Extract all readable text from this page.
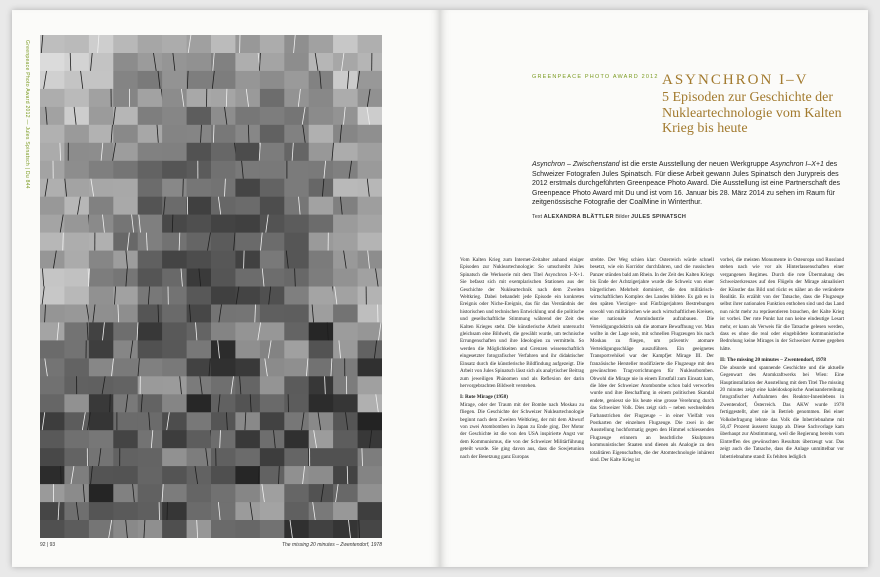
Greenpeace Photo Award 2012 — Jules Spinatsch | Du 844
92 | 93	The missing 20 minutes – Zwentendorf, 1978
GREENPEACE PHOTO AWARD 2012 ASYNCHRON I–V
5 Episoden zur Geschichte der Nukleartechnologie vom Kalten Krieg bis heute

Asynchron – Zwischenstand ist die erste Ausstellung der neuen Werkgruppe Asynchron I–X+1 des Schweizer Fotografen Jules Spinatsch. Für diese Arbeit gewann Jules Spinatsch den Jurypreis des 2012 erstmals durchgeführten Greenpeace Photo Award. Die Ausstellung ist eine Partnerschaft des Greenpeace Photo Award mit Du und ist vom 16. Januar bis 28. März 2014 zu sehen im Raum für zeitgenössische Fotografie der CoalMine in Winterthur.

Text ALEXANDRA BLÄTTLER Bilder JULES SPINATSCH

Vom Kalten Krieg zum Internet-Zeitalter anhand einiger Episoden zur Nukleartechnologie: So umschreibt Jules Spinatsch die Werkserie mit dem Titel Asynchron I–X+1. Sie befasst sich mit exemplarischen Stationen aus der Geschichte der Nukleartechnik nach dem Zweiten Weltkrieg. Dabei behandelt jede Episode ein konkretes Ereignis oder Niche-Ereignis, das für das Verständnis der historischen und technischen Entwicklung und die politische und gesellschaftliche Stimmung während der Zeit des Kalten Krieges steht. Die künstlerische Arbeit untersucht gleichsam eine Bildwelt, die gewählt wurde, um technische Errungenschaften und ihre Ideologien zu vermitteln. So werden die Möglichkeiten und Grenzen wissenschaftlich eingesetzter fotografischer Verfahren und ihr didaktischer Einsatz durch die künstlerische Bildfindung aufgezeigt. Die Arbeit von Jules Spinatsch lässt sich als analytischer Beitrag zum jeweiligen Phänomen und als Reflexion der darin hervorgebrachten Bildwelt verstehen.

I: Rote Mirage (1958)

Mirage, oder der Traum mit der Bombe nach Moskau zu fliegen. Die Geschichte der Schweizer Nukleartechnologie beginnt nach dem Zweiten Weltkrieg, der mit dem Abwurf von zwei Atombomben in Japan zu Ende ging. Der Motor der Geschichte ist die von den USA inspirierte Angst vor dem Kommunismus, die von der Schweizer Militärführung geteilt wurde. Sie ging davon aus, dass die Sowjetunion nach der Besetzung ganz Europas

strebte. Der Weg schien klar: Österreich würde schnell besetzt, wie ein Korridor durchfahren, und die russischen Panzer stünden bald am Rhein. In der Zeit des Kalten Kriegs bis Ende der Achtzigerjahre wurde die Schweiz von einer bürgerlichen Mehrheit dominiert, die den militärisch-wirtschaftlichen Komplex des Landes bildete. Es gab es in den späten Vierziger- und Fünfzigerjahren Bestrebungen sowohl von militärischen wie auch wirtschaftlichen Kreisen, eine nationale Atomindustrie aufzubauen. Die Verteidigungsdoktrin sah die atomare Bewaffnung vor. Man wollte in der Lage sein, mit schnellen Flugzeugen bis nach Moskau zu fliegen, um präventiv atomare Verteidigungsschläge auszuführen. Ein geeignetes Transportvehikel war der Kampfjet Mirage III. Der französische Hersteller modifizierte die Flugzeuge mit den gewünschten Tragvorrichtungen für Nuklearbomben. Obwohl die Mirage nie in einem Ernstfall zum Einsatz kam, die Idee der Schweizer Atombombe schon bald verworfen wurde und ihre Beschaffung in einem politischen Skandal endete, geniesst sie bis heute eine grosse Verehrung durch das Schweizer Volk. Dies zeigt sich – neben wechselnden Farbanstrichen der Flugzeuge – in einer Vielfalt von Postkarten der einzelnen Flugzeuge. Die zwei in der Ausstellung hochformatig gegen den Himmel schiessenden Flugzeuge erinnern an beachtliche Skulpturen kommunistischer Staaten und dienen als Analogie zu den totalitären Eigenschaften, die der Atomtechnologie inhärent sind. Der Kalte Krieg ist

vorbei, die meisten Monumente in Osteuropa und Russland stehen nach wie vor als Hinterlassenschaften einer vergangenen Regimes. Durch die rote Übermalung des Schweizerkreuzes auf den Flügeln der Mirage aktualisiert der Künstler das Bild und rückt es näher an die veränderte Realität. Es erzählt von der Tatsache, dass die Flugzeuge selbst ihrer nationalen Funktion enthoben sind und das Land nun nicht mehr zu repräsentieren brauchen, der Kalte Krieg ist vorbei. Der rote Punkt hat nun keine eindeutige Lesart mehr, er kann als Verweis für die Tatsache gelesen werden, dass es ohne die real oder eingebildete kommunistische Bedrohung keine Mirages in der Schweizer Armee gegeben hätte.

II: The missing 20 minutes – Zwentendorf, 1978

Die absurde und spannende Geschichte und die aktuelle Gegenwart des Atomkraftwerks bei Wien: Eine Hauptinstallation der Ausstellung mit dem Titel The missing 20 minutes zeigt eine kaleidoskopische Aneinanderreihung fotografischer Aufnahmen des Reaktor-Innenlebens in Zwentendorf, Österreich. Das AKW wurde 1978 fertiggestellt, aber nie in Betrieb genommen. Bei einer Volksbefragung lehnte das Volk die Inbetriebnahme mit 50,47 Prozent äusserst knapp ab. Diese Sachvorlage kam überhaupt zur Abstimmung, weil die Regierung bereits vom Eintreffen des gewünschten Resultats überzeugt war. Das zeigt auch die Tatsache, dass die Anlage unmittelbar vor Inbetriebnahme stand: Es fehlten lediglich
